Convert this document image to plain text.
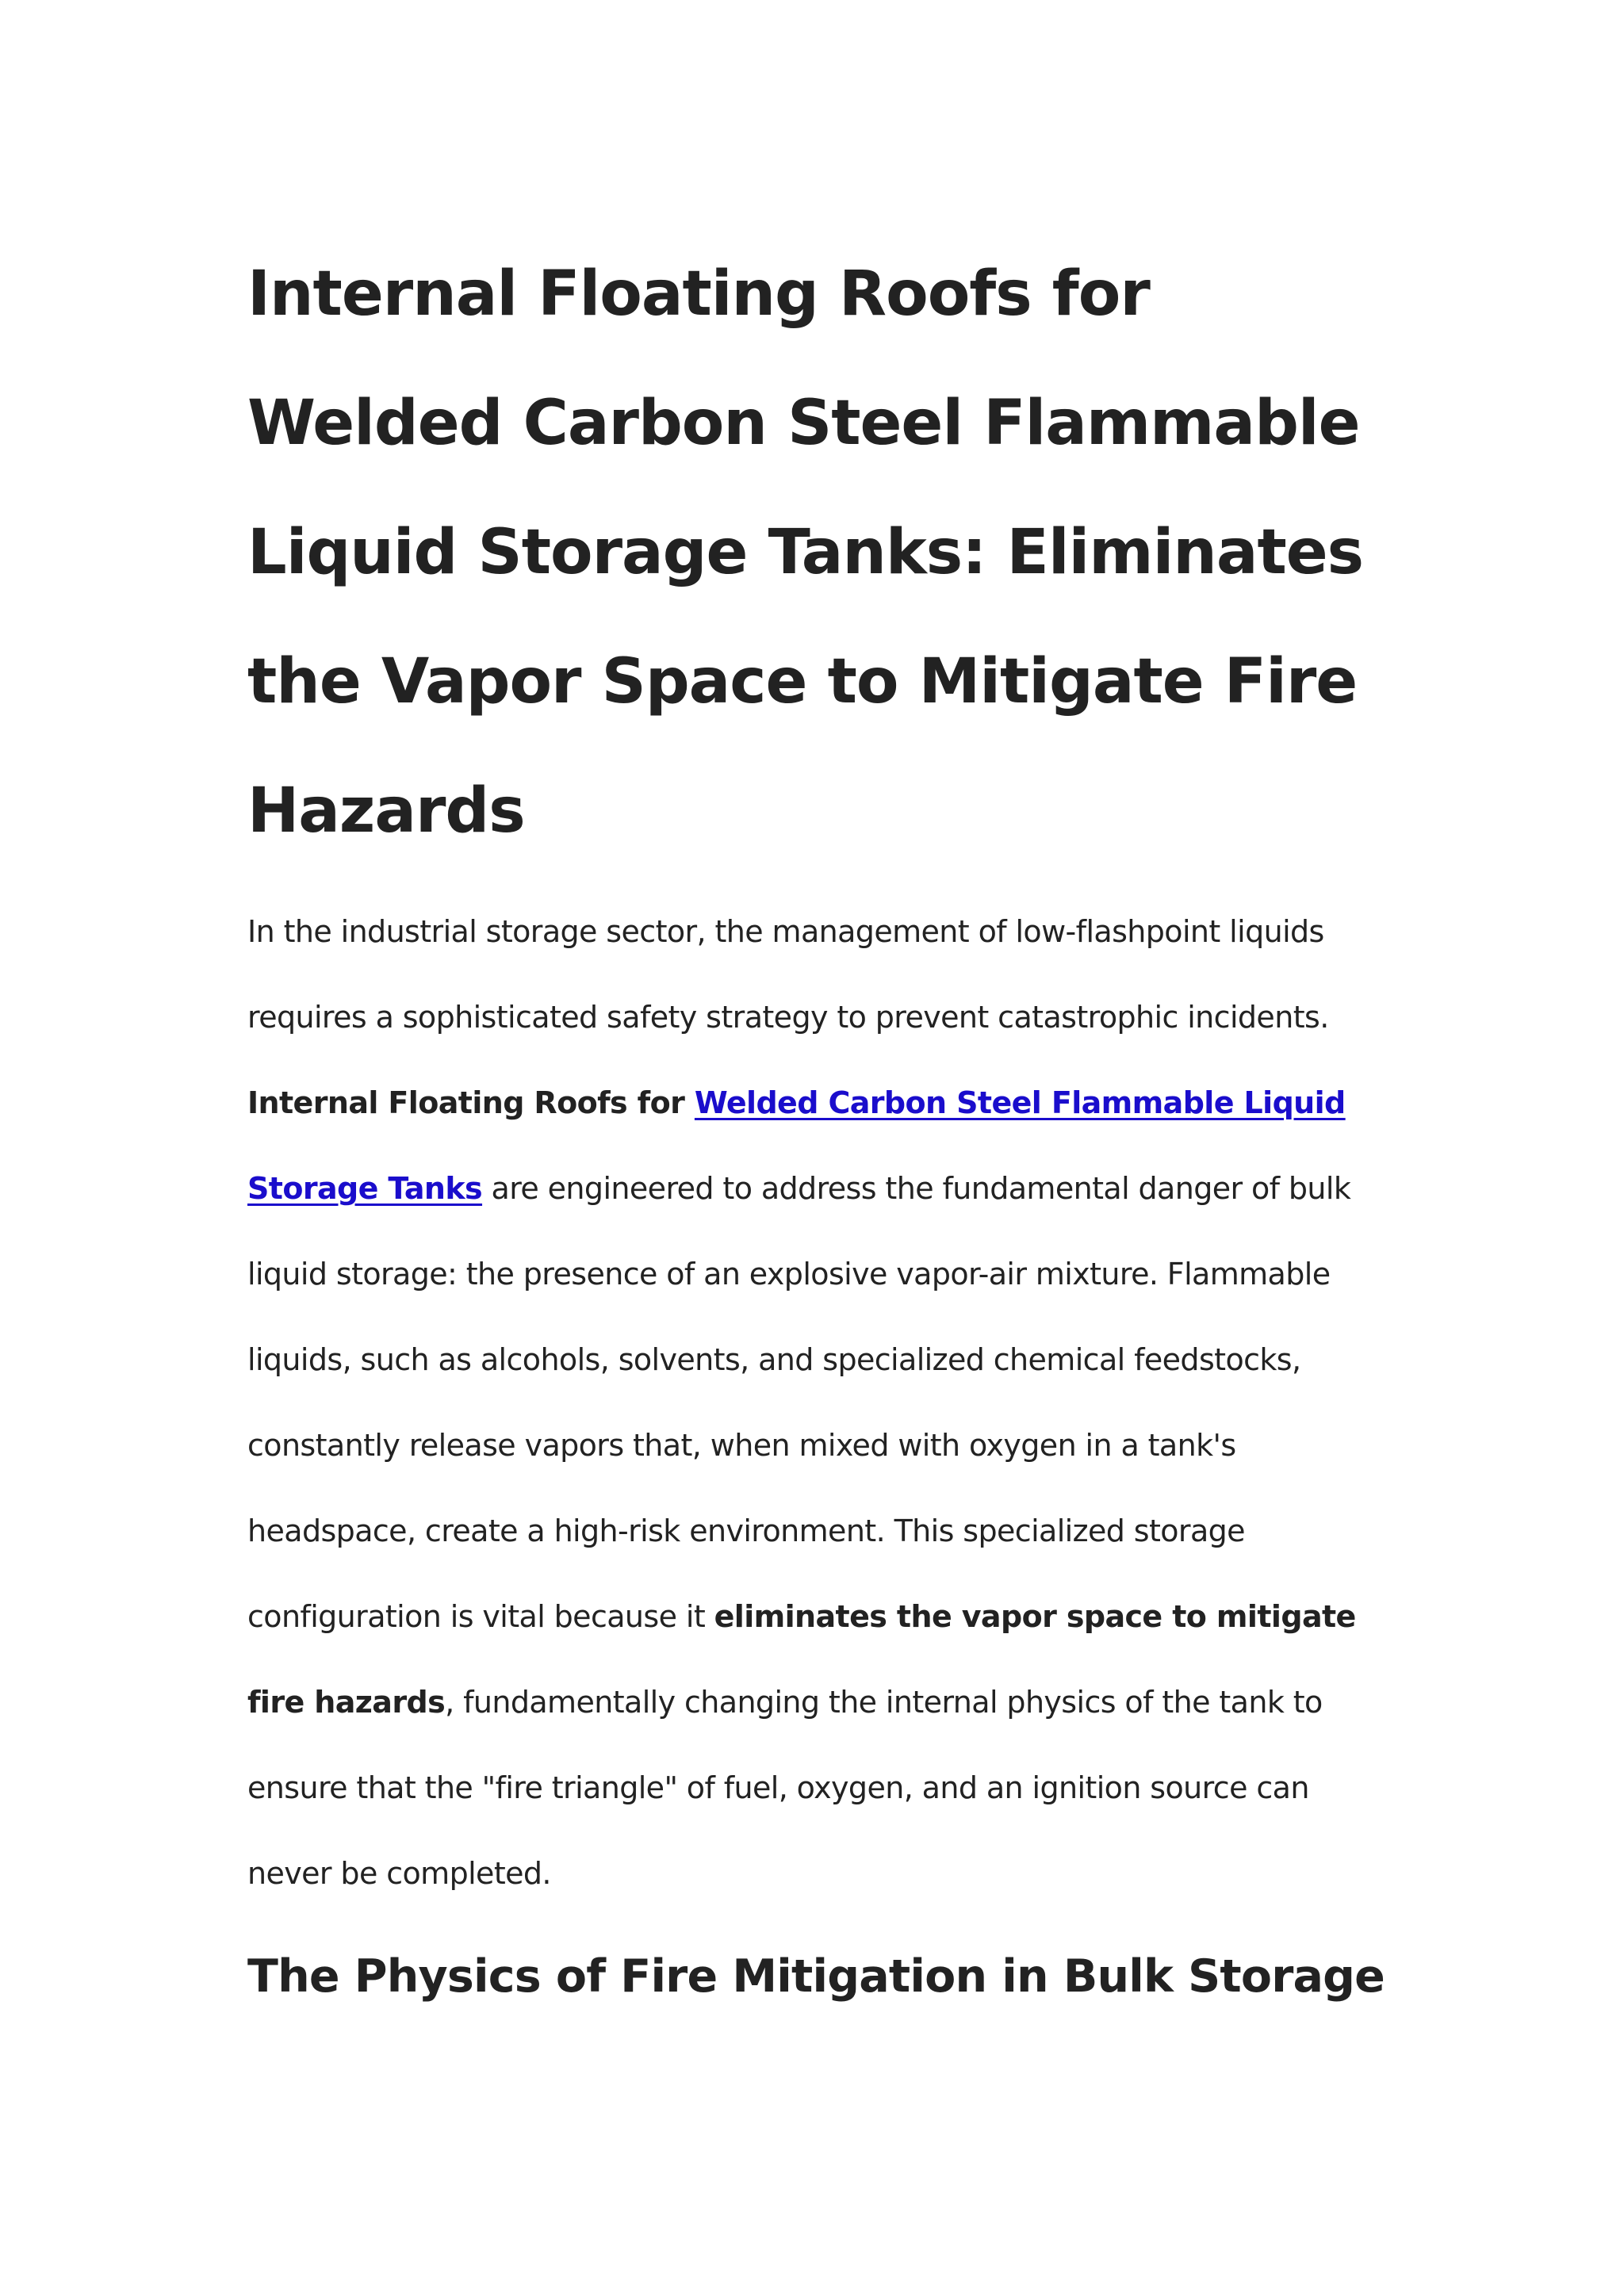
Internal Floating Roofs for Welded Carbon Steel Flammable Liquid Storage Tanks: Eliminates the Vapor Space to Mitigate Fire Hazards

In the industrial storage sector, the management of low-flashpoint liquids requires a sophisticated safety strategy to prevent catastrophic incidents. Internal Floating Roofs for Welded Carbon Steel Flammable Liquid Storage Tanks are engineered to address the fundamental danger of bulk liquid storage: the presence of an explosive vapor-air mixture. Flammable liquids, such as alcohols, solvents, and specialized chemical feedstocks, constantly release vapors that, when mixed with oxygen in a tank's headspace, create a high-risk environment. This specialized storage configuration is vital because it eliminates the vapor space to mitigate fire hazards, fundamentally changing the internal physics of the tank to ensure that the "fire triangle" of fuel, oxygen, and an ignition source can never be completed.

The Physics of Fire Mitigation in Bulk Storage
